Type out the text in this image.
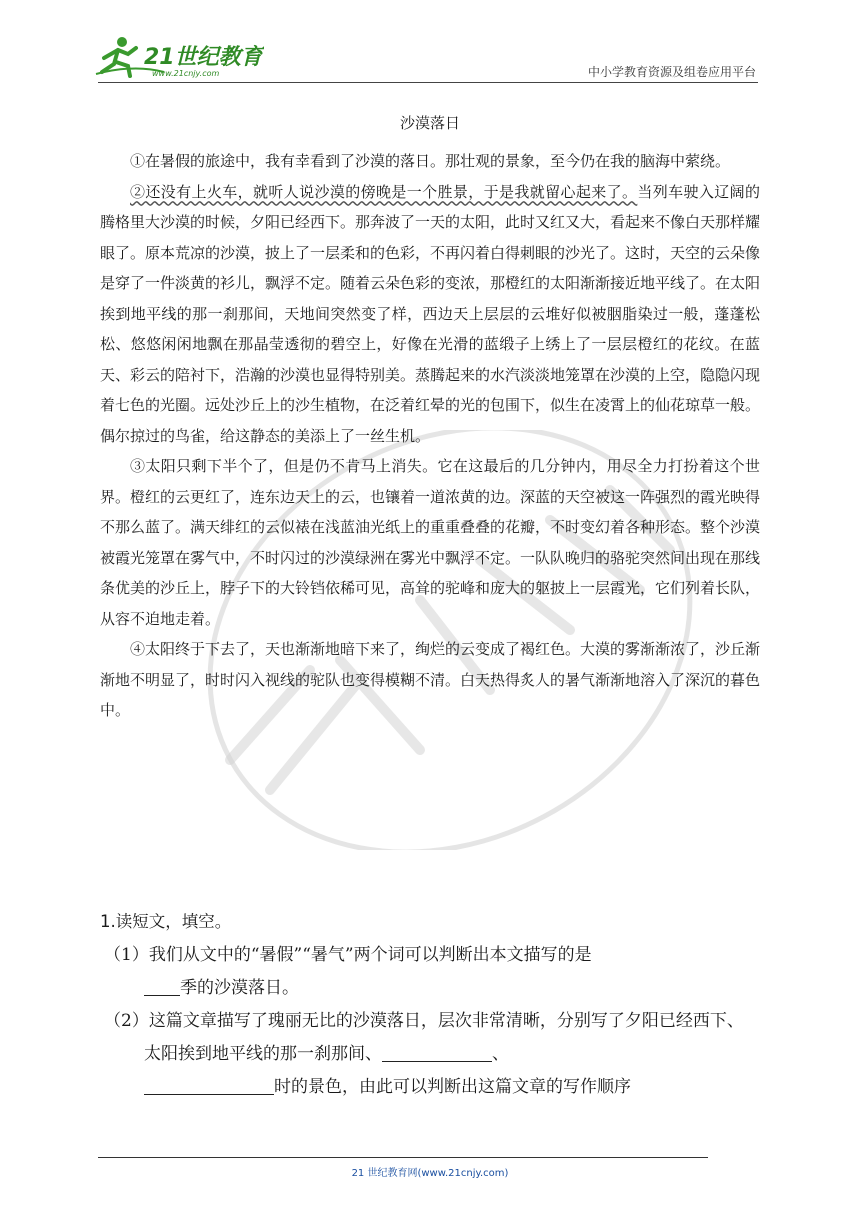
21世纪教育
www.21cnjy.com	中小学教育资源及组卷应用平台
沙漠落日

①在暑假的旅途中，我有幸看到了沙漠的落日。那壮观的景象，至今仍在我的脑海中萦绕。

②还没有上火车，就听人说沙漠的傍晚是一个胜景，于是我就留心起来了。当列车驶入辽阔的腾格里大沙漠的时候，夕阳已经西下。那奔波了一天的太阳，此时又红又大，看起来不像白天那样耀眼了。原本荒凉的沙漠，披上了一层柔和的色彩，不再闪着白得刺眼的沙光了。这时，天空的云朵像是穿了一件淡黄的衫儿，飘浮不定。随着云朵色彩的变浓，那橙红的太阳渐渐接近地平线了。在太阳挨到地平线的那一刹那间，天地间突然变了样，西边天上层层的云堆好似被胭脂染过一般，蓬蓬松松、悠悠闲闲地飘在那晶莹透彻的碧空上，好像在光滑的蓝缎子上绣上了一层层橙红的花纹。在蓝天、彩云的陪衬下，浩瀚的沙漠也显得特别美。蒸腾起来的水汽淡淡地笼罩在沙漠的上空，隐隐闪现着七色的光圈。远处沙丘上的沙生植物，在泛着红晕的光的包围下，似生在凌霄上的仙花琼草一般。偶尔掠过的鸟雀，给这静态的美添上了一丝生机。

③太阳只剩下半个了，但是仍不肯马上消失。它在这最后的几分钟内，用尽全力打扮着这个世界。橙红的云更红了，连东边天上的云，也镶着一道浓黄的边。深蓝的天空被这一阵强烈的霞光映得不那么蓝了。满天绯红的云似裱在浅蓝油光纸上的重重叠叠的花瓣，不时变幻着各种形态。整个沙漠被霞光笼罩在雾气中，不时闪过的沙漠绿洲在雾光中飘浮不定。一队队晚归的骆驼突然间出现在那线条优美的沙丘上，脖子下的大铃铛依稀可见，高耸的驼峰和庞大的躯披上一层霞光，它们列着长队，从容不迫地走着。

④太阳终于下去了，天也渐渐地暗下来了，绚烂的云变成了褐红色。大漠的雾渐渐浓了，沙丘渐渐地不明显了，时时闪入视线的驼队也变得模糊不清。白天热得炙人的暑气渐渐地溶入了深沉的暮色中。

1.读短文，填空。

（1）我们从文中的“暑假”“暑气”两个词可以判断出本文描写的是
季的沙漠落日。

（2）这篇文章描写了瑰丽无比的沙漠落日，层次非常清晰，分别写了夕阳已经西下、太阳挨到地平线的那一刹那间、	、
时的景色，由此可以判断出这篇文章的写作顺序

21 世纪教育网(www.21cnjy.com)
